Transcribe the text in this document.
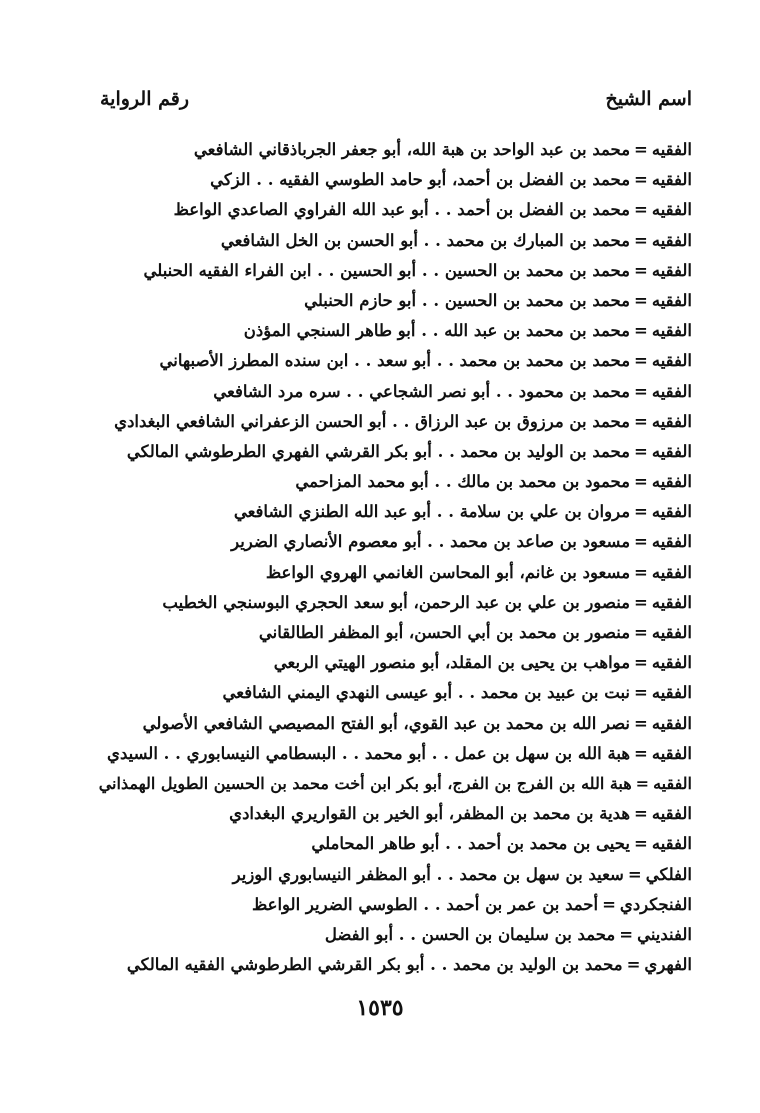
اسم الشيخ
رقم الرواية
الفقيه=محمد بن عبد الواحد بن هبة الله، أبو جعفر الجرباذقاني الشافعي
الفقيه=محمد بن الفضل بن أحمد، أبو حامد الطوسي الفقيه . . الزكي
الفقيه=محمد بن الفضل بن أحمد . . أبو عبد الله الفراوي الصاعدي الواعظ
الفقيه=محمد بن المبارك بن محمد . . أبو الحسن بن الخل الشافعي
الفقيه=محمد بن محمد بن الحسين . . أبو الحسين . . ابن الفراء الفقيه الحنبلي
الفقيه=محمد بن محمد بن الحسين . . أبو حازم الحنبلي
الفقيه=محمد بن محمد بن عبد الله . . أبو طاهر السنجي المؤذن
الفقيه=محمد بن محمد بن محمد . . أبو سعد . . ابن سنده المطرز الأصبهاني
الفقيه=محمد بن محمود . . أبو نصر الشجاعي . . سره مرد الشافعي
الفقيه=محمد بن مرزوق بن عبد الرزاق . . أبو الحسن الزعفراني الشافعي البغدادي
الفقيه=محمد بن الوليد بن محمد . . أبو بكر القرشي الفهري الطرطوشي المالكي
الفقيه=محمود بن محمد بن مالك . . أبو محمد المزاحمي
الفقيه=مروان بن علي بن سلامة . . أبو عبد الله الطنزي الشافعي
الفقيه=مسعود بن صاعد بن محمد . . أبو معصوم الأنصاري الضرير
الفقيه=مسعود بن غانم، أبو المحاسن الغانمي الهروي الواعظ
الفقيه=منصور بن علي بن عبد الرحمن، أبو سعد الحجري البوسنجي الخطيب
الفقيه=منصور بن محمد بن أبي الحسن، أبو المظفر الطالقاني
الفقيه=مواهب بن يحيى بن المقلد، أبو منصور الهيتي الربعي
الفقيه=نبت بن عبيد بن محمد . . أبو عيسى النهدي اليمني الشافعي
الفقيه=نصر الله بن محمد بن عبد القوي، أبو الفتح المصيصي الشافعي الأصولي
الفقيه=هبة الله بن سهل بن عمل . . أبو محمد . . البسطامي النيسابوري . . السيدي
الفقيه=هبة الله بن الفرج بن الفرج، أبو بكر ابن أخت محمد بن الحسين الطويل الهمذاني
الفقيه=هدية بن محمد بن المظفر، أبو الخير بن القواريري البغدادي
الفقيه=يحيى بن محمد بن أحمد . . أبو طاهر المحاملي
الفلكي=سعيد بن سهل بن محمد . . أبو المظفر النيسابوري الوزير
الفنجكردي=أحمد بن عمر بن أحمد . . الطوسي الضرير الواعظ
الفنديني=محمد بن سليمان بن الحسن . . أبو الفضل
الفهري=محمد بن الوليد بن محمد . . أبو بكر القرشي الطرطوشي الفقيه المالكي
١٥٣٥
